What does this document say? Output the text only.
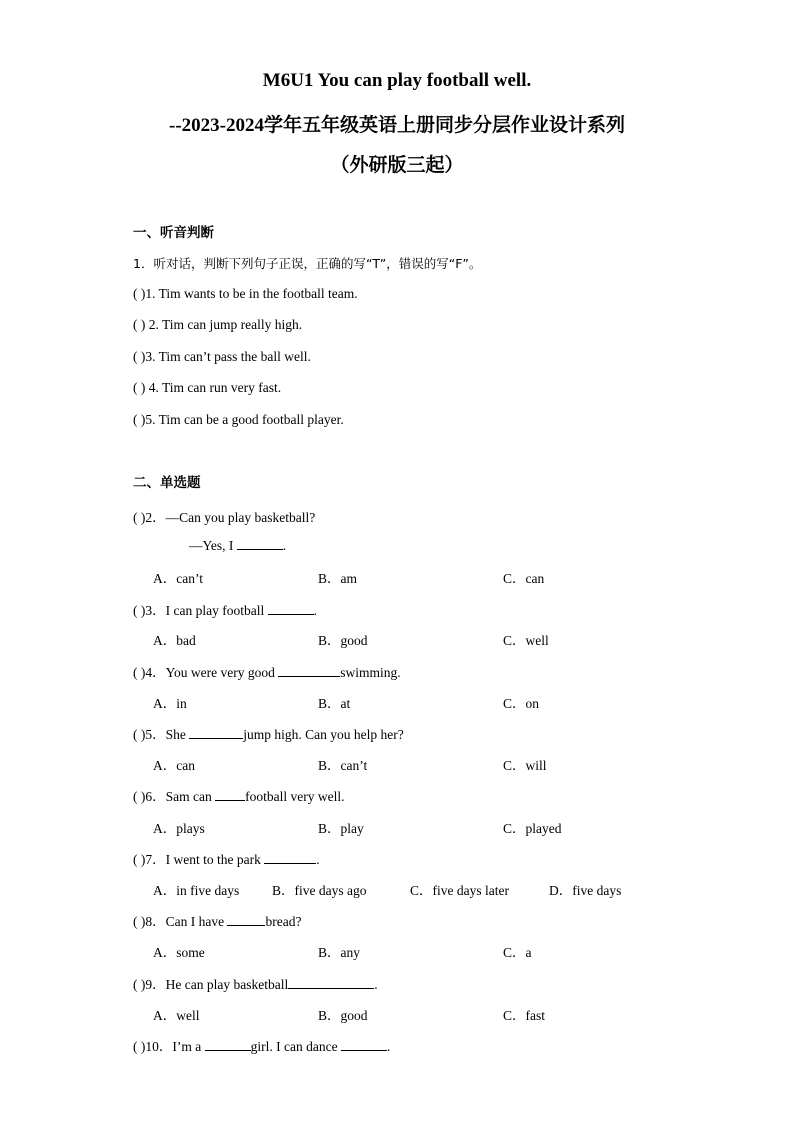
M6U1 You can play football well.
--2023-2024学年五年级英语上册同步分层作业设计系列
（外研版三起）
一、听音判断
1．听对话，判断下列句子正误，正确的写“T”，错误的写“F”。
( )1. Tim wants to be in the football team.
( ) 2. Tim can jump really high.
( )3. Tim can’t pass the ball well.
( ) 4. Tim can run very fast.
( )5. Tim can be a good football player.
二、单选题
( )2．—Can you play basketball?
—Yes, I	.
A．can’t	B．am	C．can
( )3．I can play football	.
A．bad	B．good	C．well
( )4．You were very good	swimming.
A．in	B．at	C．on
( )5．She	jump high. Can you help her?
A．can	B．can’t	C．will
( )6．Sam can football very well.
A．plays	B．play	C．played
( )7．I went to the park	.
A．in five days B．five days ago	C．five days later	D．five days
( )8．Can I have	bread?
A．some	B．any	C．a
( )9．He can play basketball	.
A．well	B．good	C．fast
( )10．I’m a	girl. I can dance	.
